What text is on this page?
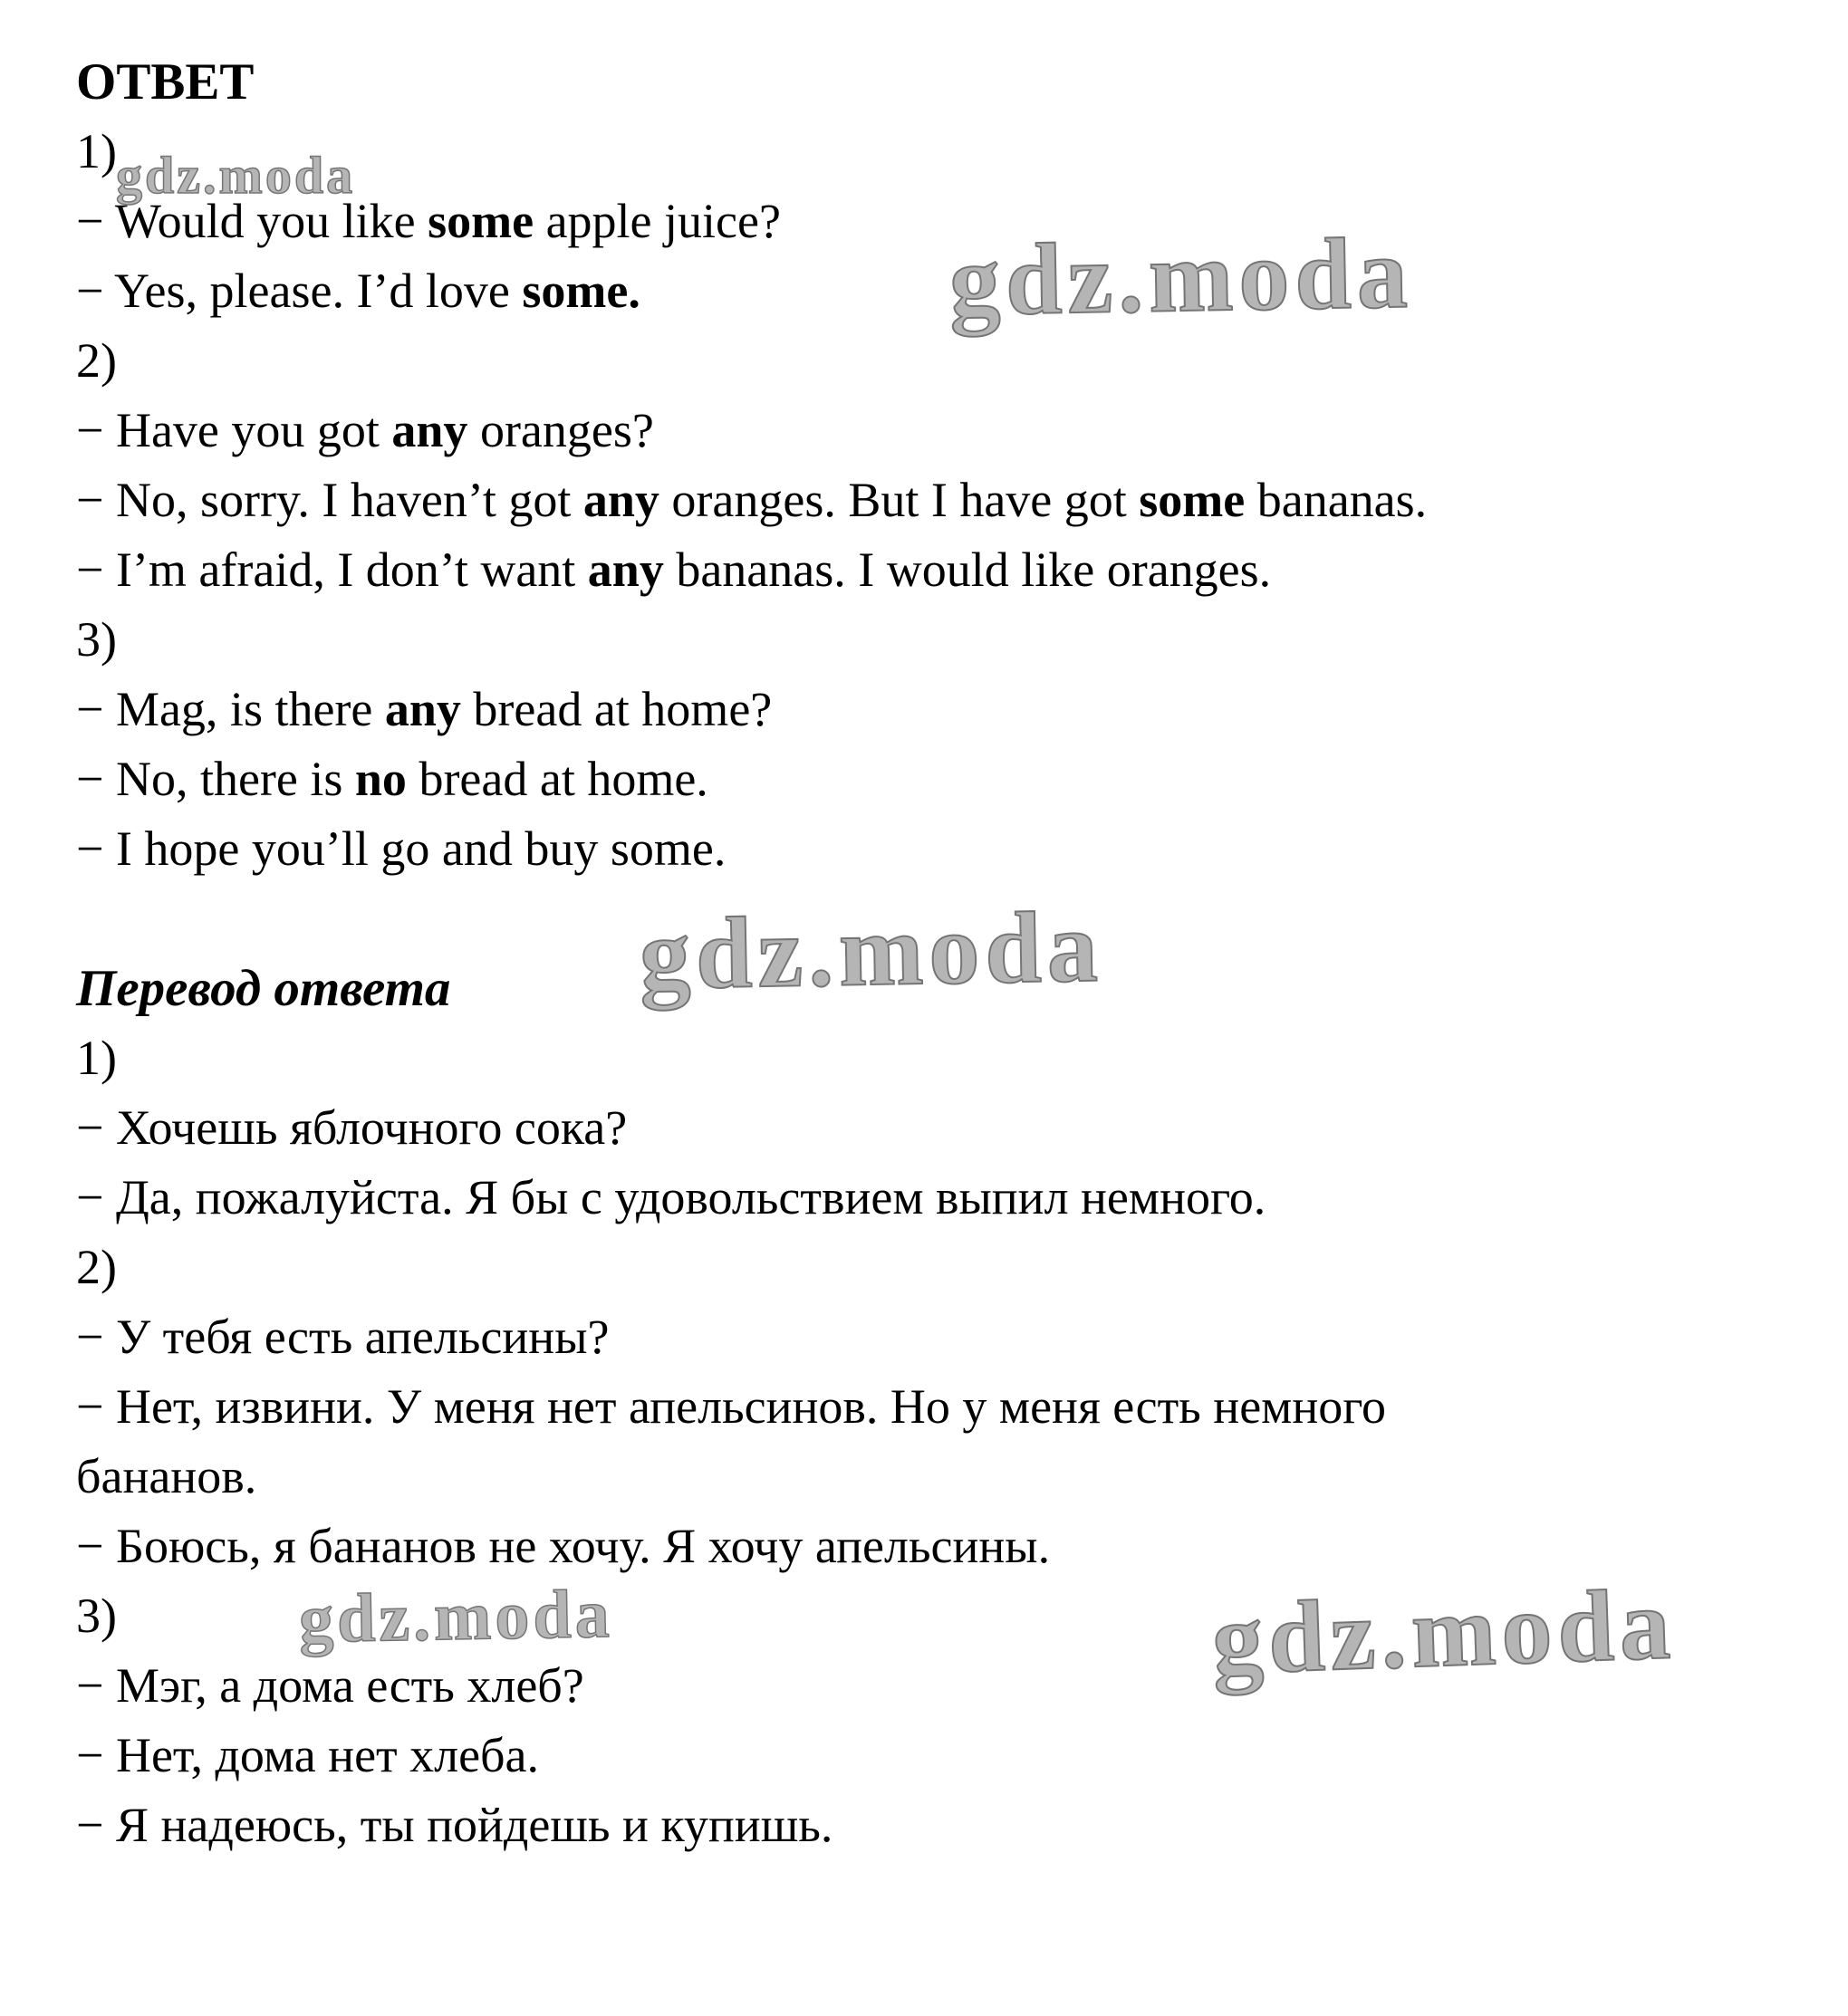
ОТВЕТ
1)
− Would you like some apple juice?
− Yes, please. I’d love some.
2)
− Have you got any oranges?
− No, sorry. I haven’t got any oranges. But I have got some bananas.
− I’m afraid, I don’t want any bananas. I would like oranges.
3)
− Mag, is there any bread at home?
− No, there is no bread at home.
− I hope you’ll go and buy some.
Перевод ответа
1)
− Хочешь яблочного сока?
− Да, пожалуйста. Я бы с удовольствием выпил немного.
2)
− У тебя есть апельсины?
− Нет, извини. У меня нет апельсинов. Но у меня есть немного
бананов.
− Боюсь, я бананов не хочу. Я хочу апельсины.
3)
− Мэг, а дома есть хлеб?
− Нет, дома нет хлеба.
− Я надеюсь, ты пойдешь и купишь.
gdz.moda
gdz.moda
gdz.moda
gdz.moda	gdz.moda
